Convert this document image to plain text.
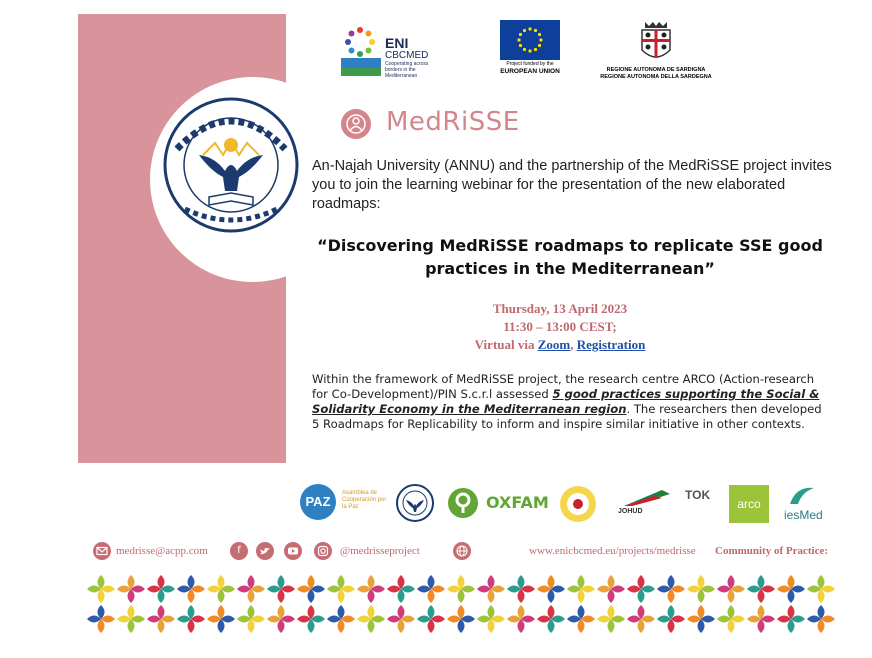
ENI
CBCMED
Cooperating across borders in the Mediterranean
Project funded by the
EUROPEAN UNION	REGIONE AUTONOMA DE SARDIGNA
REGIONE AUTONOMA DELLA SARDEGNA
MedRiSSE

An-Najah University (ANNU) and the partnership of the MedRiSSE project invites you to join the learning webinar for the presentation of the new elaborated roadmaps:

“Discovering MedRiSSE roadmaps to replicate SSE good practices in the Mediterranean”

Thursday, 13 April 2023
11:30 – 13:00 CEST;
Virtual via Zoom, Registration

Within the framework of MedRiSSE project, the research centre ARCO (Action-research for Co-Development)/PIN S.c.r.l assessed 5 good practices supporting the Social & Solidarity Economy in the Mediterranean region. The researchers then developed 5 Roadmaps for Replicability to inform and inspire similar initiative in other contexts.

PAZ
Asamblea de Cooperación por la Paz	OXFAM	JOHUD
TOK
arco
iesMed
medrisse@acpp.com	f	@medrisseproject	www.enicbcmed.eu/projects/medrisse Community of Practice:
